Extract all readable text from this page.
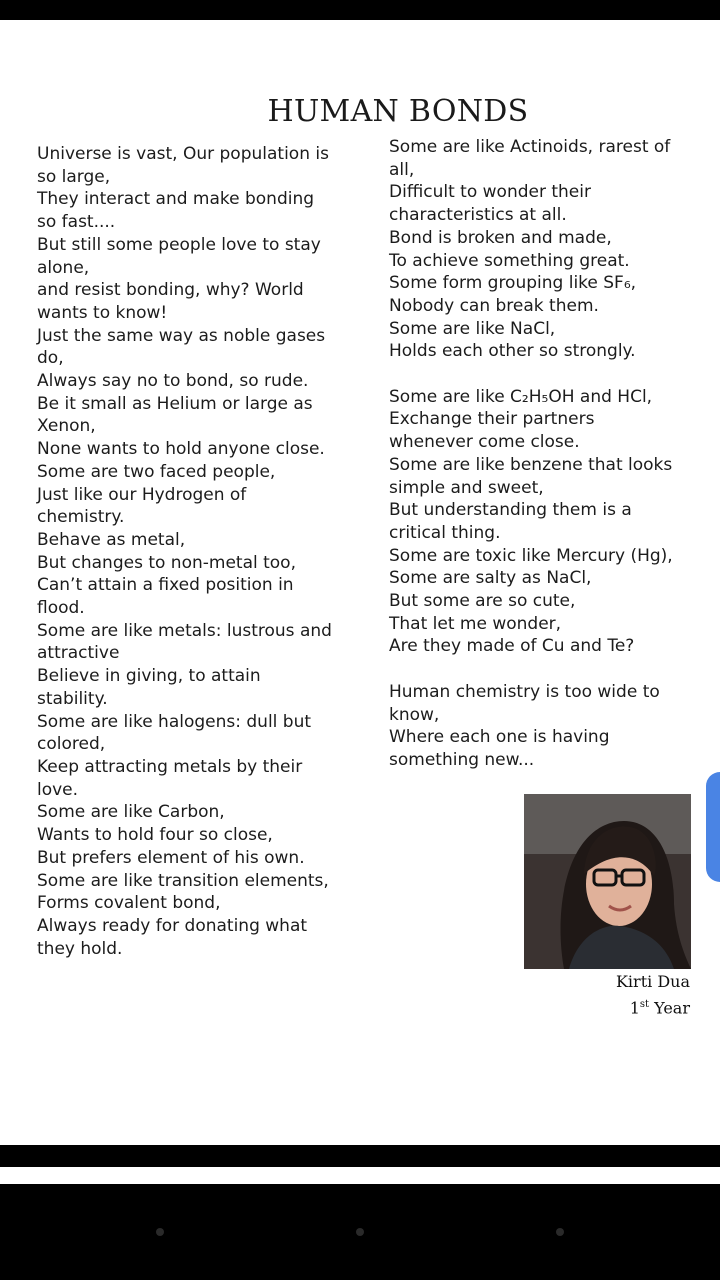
HUMAN BONDS
Universe is vast, Our population is
so large,
They interact and make bonding
so fast....
But still some people love to stay
alone,
and resist bonding, why? World
wants to know!
Just the same way as noble gases
do,
Always say no to bond, so rude.
Be it small as Helium or large as
Xenon,
None wants to hold anyone close.
Some are two faced people,
Just like our Hydrogen of
chemistry.
Behave as metal,
But changes to non-metal too,
Can’t attain a fixed position in
flood.
Some are like metals: lustrous and
attractive
Believe in giving, to attain
stability.
Some are like halogens: dull but
colored,
Keep attracting metals by their
love.
Some are like Carbon,
Wants to hold four so close,
But prefers element of his own.
Some are like transition elements,
Forms covalent bond,
Always ready for donating what
they hold.
Some are like Actinoids, rarest of
all,
Difficult to wonder their
characteristics at all.
Bond is broken and made,
To achieve something great.
Some form grouping like SF₆,
Nobody can break them.
Some are like NaCl,
Holds each other so strongly.
Some are like C₂H₅OH and HCl,
Exchange their partners
whenever come close.
Some are like benzene that looks
simple and sweet,
But understanding them is a
critical thing.
Some are toxic like Mercury (Hg),
Some are salty as NaCl,
But some are so cute,
That let me wonder,
Are they made of Cu and Te?
Human chemistry is too wide to
know,
Where each one is having
something new...
Kirti Dua
1st Year
